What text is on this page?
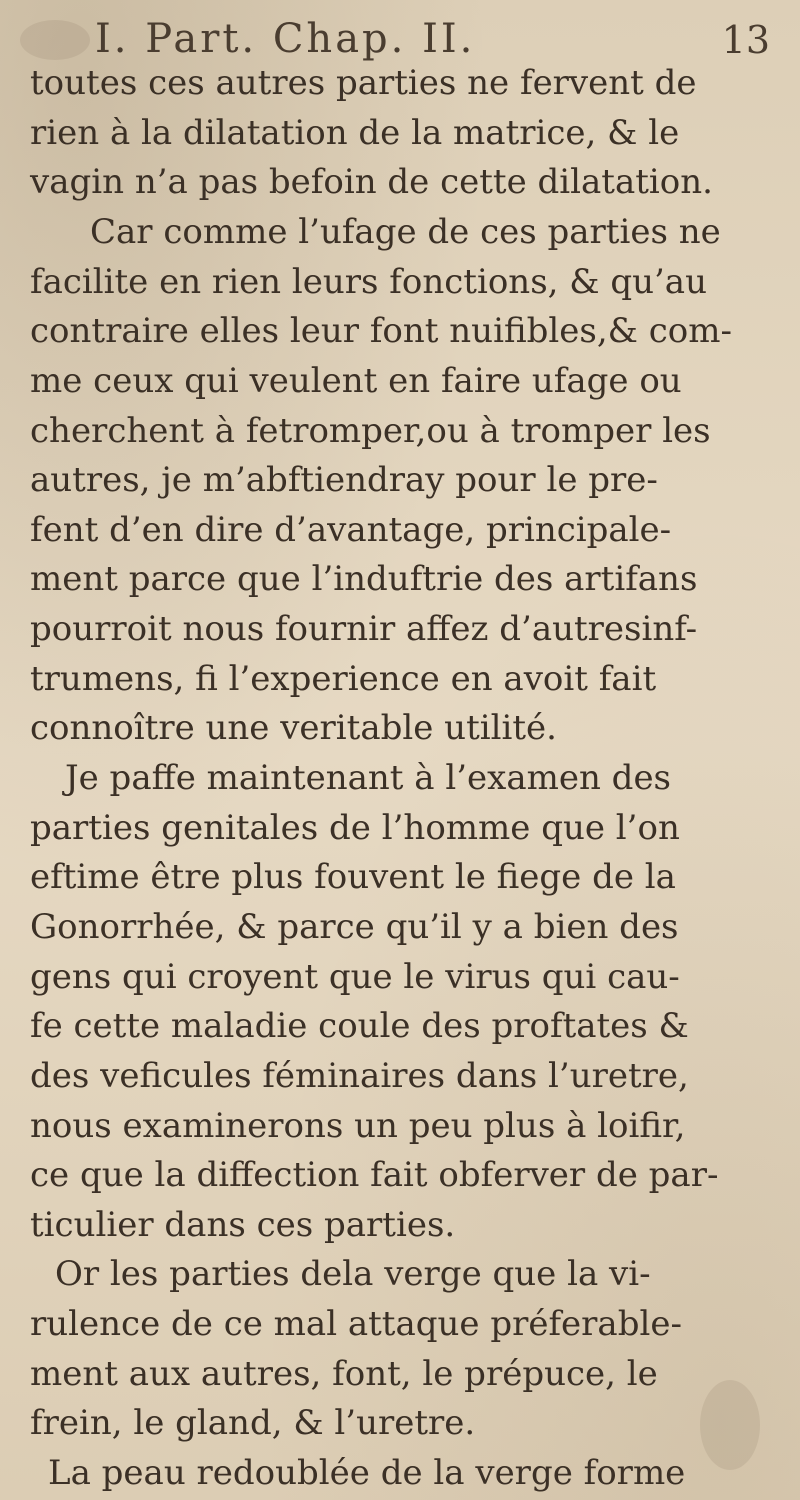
I. Part. Chap. II.	13
toutes ces autres parties ne fervent de
rien à la dilatation de la matrice, & le
vagin n’a pas befoin de cette dilatation.
Car comme l’ufage de ces parties ne
facilite en rien leurs fonctions, & qu’au
contraire elles leur font nuifibles,& com-
me ceux qui veulent en faire ufage ou
cherchent à fetromper,ou à tromper les
autres, je m’abftiendray pour le pre-
fent d’en dire d’avantage, principale-
ment parce que l’induftrie des artifans
pourroit nous fournir affez d’autresinf-
trumens, fi l’experience en avoit fait
connoître une veritable utilité.
Je paffe maintenant à l’examen des
parties genitales de l’homme que l’on
eftime être plus fouvent le fiege de la
Gonorrhée, & parce qu’il y a bien des
gens qui croyent que le virus qui cau-
fe cette maladie coule des proftates &
des veficules féminaires dans l’uretre,
nous examinerons un peu plus à loifir,
ce que la diffection fait obferver de par-
ticulier dans ces parties.
Or les parties dela verge que la vi-
rulence de ce mal attaque préferable-
ment aux autres, font, le prépuce, le
frein, le gland, & l’uretre.
La peau redoublée de la verge forme
